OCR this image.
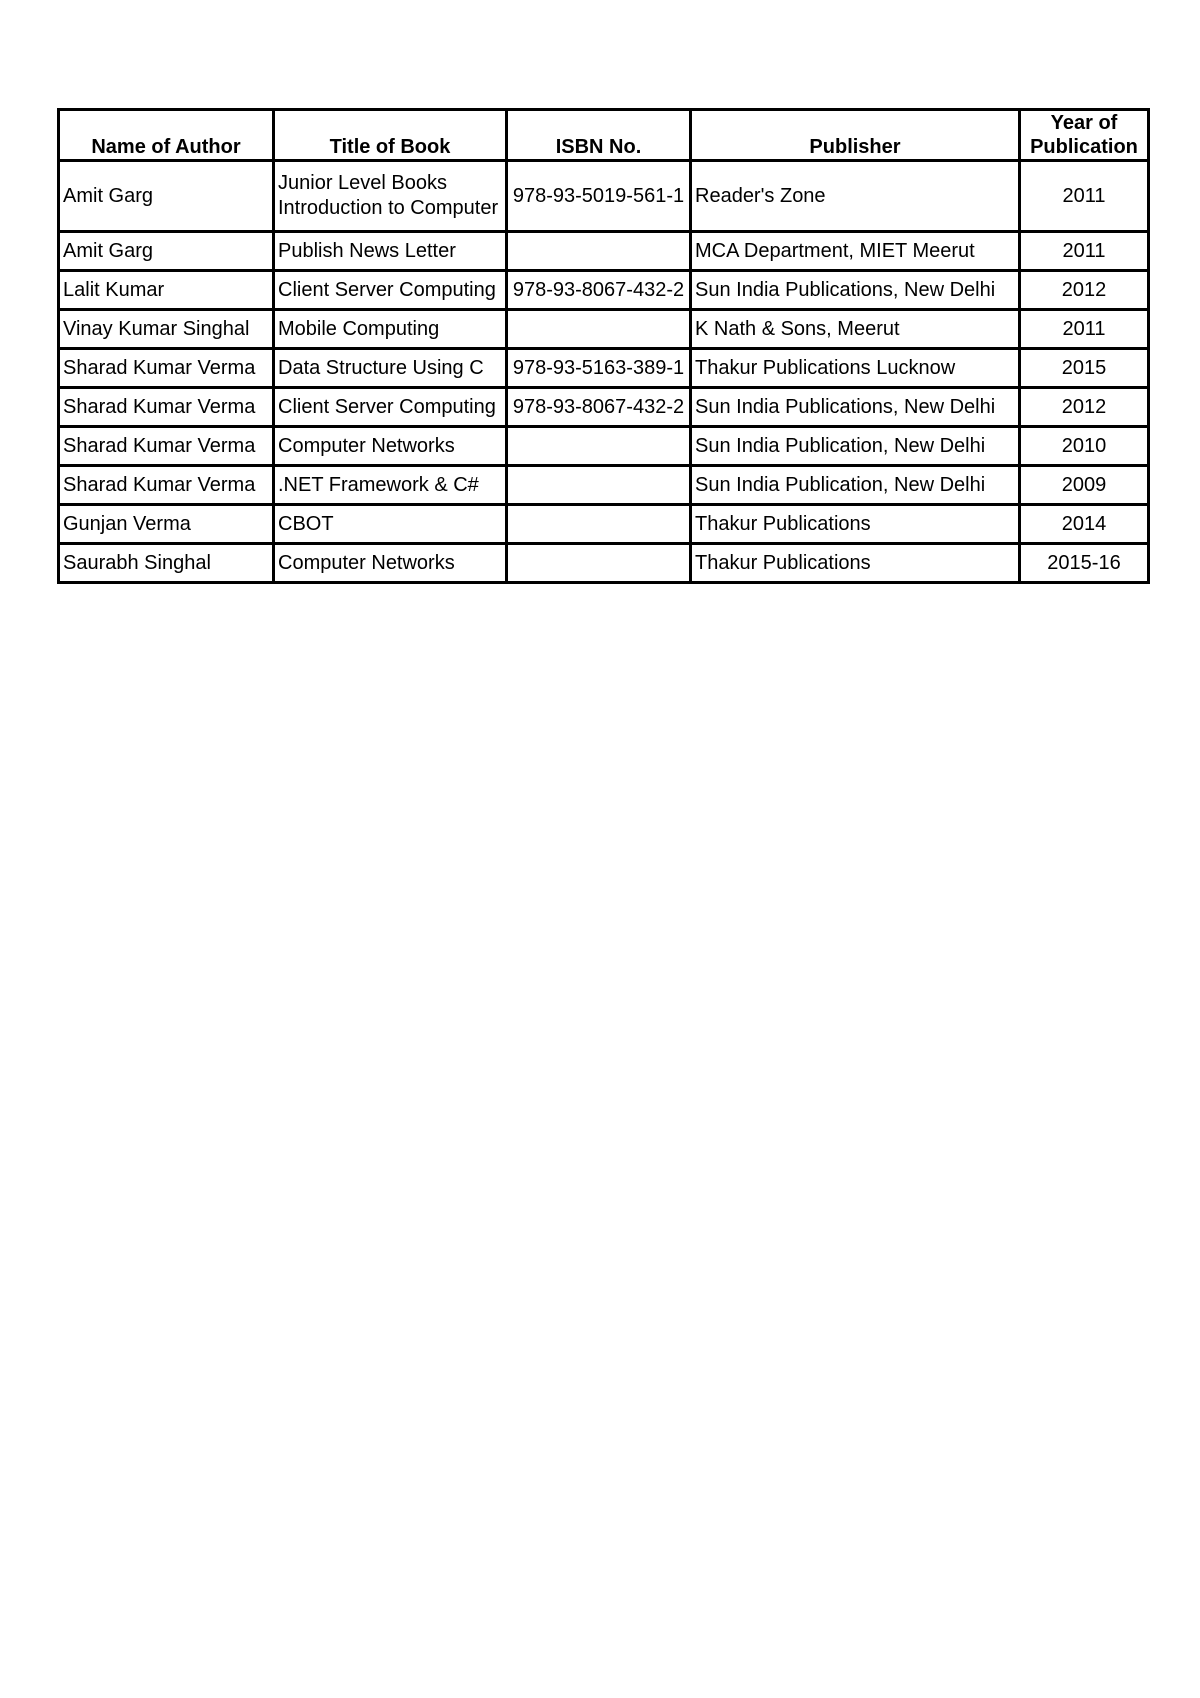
Name of Author	Title of Book	ISBN No.	Publisher	Year of Publication
Amit Garg	Junior Level Books Introduction to Computer	978-93-5019-561-1	Reader's Zone	2011
Amit Garg	Publish News Letter		MCA Department, MIET Meerut	2011
Lalit Kumar	Client Server Computing	978-93-8067-432-2	Sun India Publications, New Delhi	2012
Vinay Kumar Singhal	Mobile Computing		K Nath & Sons, Meerut	2011
Sharad Kumar Verma	Data Structure Using C	978-93-5163-389-1	Thakur Publications Lucknow	2015
Sharad Kumar Verma	Client Server Computing	978-93-8067-432-2	Sun India Publications, New Delhi	2012
Sharad Kumar Verma	Computer Networks		Sun India Publication, New Delhi	2010
Sharad Kumar Verma	.NET Framework & C#		Sun India Publication, New Delhi	2009
Gunjan Verma	CBOT		Thakur Publications	2014
Saurabh Singhal	Computer Networks		Thakur Publications	2015-16
